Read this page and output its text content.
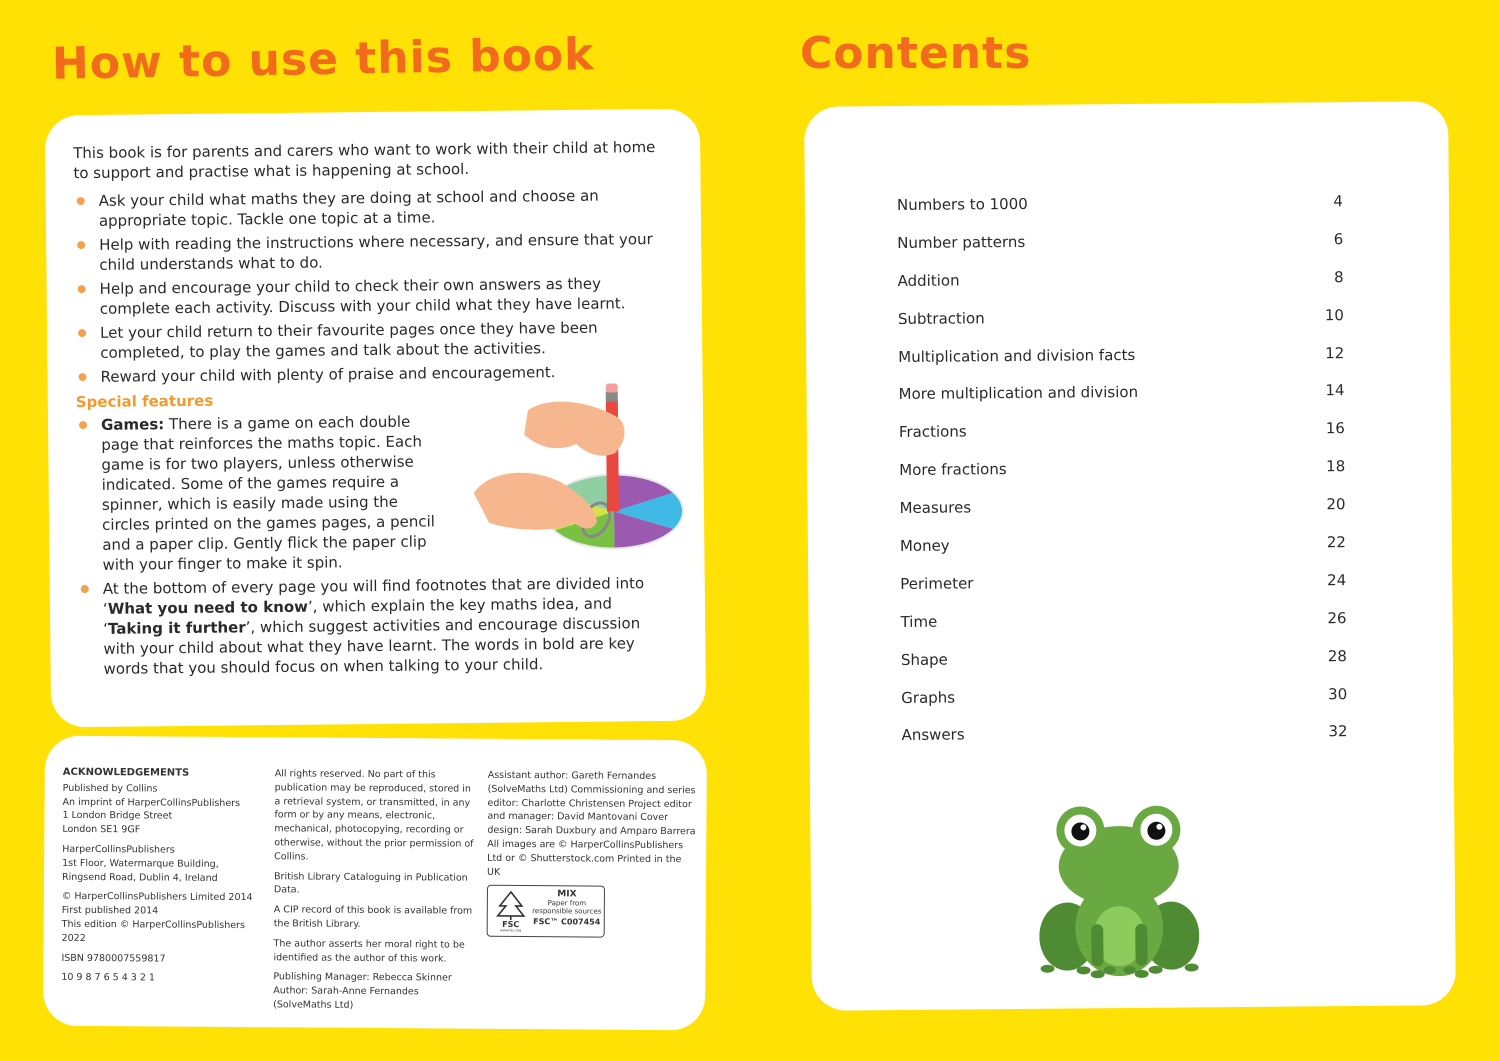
How to use this book	Contents

This book is for parents and carers who want to work with their child at home to support and practise what is happening at school.

Ask your child what maths they are doing at school and choose an appropriate topic. Tackle one topic at a time.
Help with reading the instructions where necessary, and ensure that your child understands what to do.
Help and encourage your child to check their own answers as they complete each activity. Discuss with your child what they have learnt.
Let your child return to their favourite pages once they have been completed, to play the games and talk about the activities.
Reward your child with plenty of praise and encouragement.
Special features
Games: There is a game on each double page that reinforces the maths topic. Each game is for two players, unless otherwise indicated. Some of the games require a spinner, which is easily made using the circles printed on the games pages, a pencil and a paper clip. Gently flick the paper clip with your finger to make it spin.
At the bottom of every page you will find footnotes that are divided into ‘What you need to know’, which explain the key maths idea, and ‘Taking it further’, which suggest activities and encourage discussion with your child about what they have learnt. The words in bold are key words that you should focus on when talking to your child.

ACKNOWLEDGEMENTS

Published by Collins
An imprint of HarperCollinsPublishers
1 London Bridge Street
London SE1 9GF

HarperCollinsPublishers
1st Floor, Watermarque Building,
Ringsend Road, Dublin 4, Ireland

© HarperCollinsPublishers Limited 2014
First published 2014
This edition © HarperCollinsPublishers 2022

ISBN 9780007559817

10 9 8 7 6 5 4 3 2 1

All rights reserved. No part of this publication may be reproduced, stored in a retrieval system, or transmitted, in any form or by any means, electronic, mechanical, photocopying, recording or otherwise, without the prior permission of Collins.

British Library Cataloguing in Publication Data.

A CIP record of this book is available from the British Library.

The author asserts her moral right to be identified as the author of this work.

Publishing Manager: Rebecca Skinner Author: Sarah-Anne Fernandes (SolveMaths Ltd)

Assistant author: Gareth Fernandes (SolveMaths Ltd) Commissioning and series editor: Charlotte Christensen Project editor and manager: David Mantovani Cover design: Sarah Duxbury and Amparo Barrera All images are © HarperCollinsPublishers Ltd or © Shutterstock.com Printed in the UK

FSC
www.fsc.org
MIX
Paper from responsible sources
FSC™ C007454
Numbers to 1000	4
Number patterns	6
Addition	8
Subtraction	10
Multiplication and division facts	12
More multiplication and division	14
Fractions	16
More fractions	18
Measures	20
Money	22
Perimeter	24
Time	26
Shape	28
Graphs	30
Answers	32
